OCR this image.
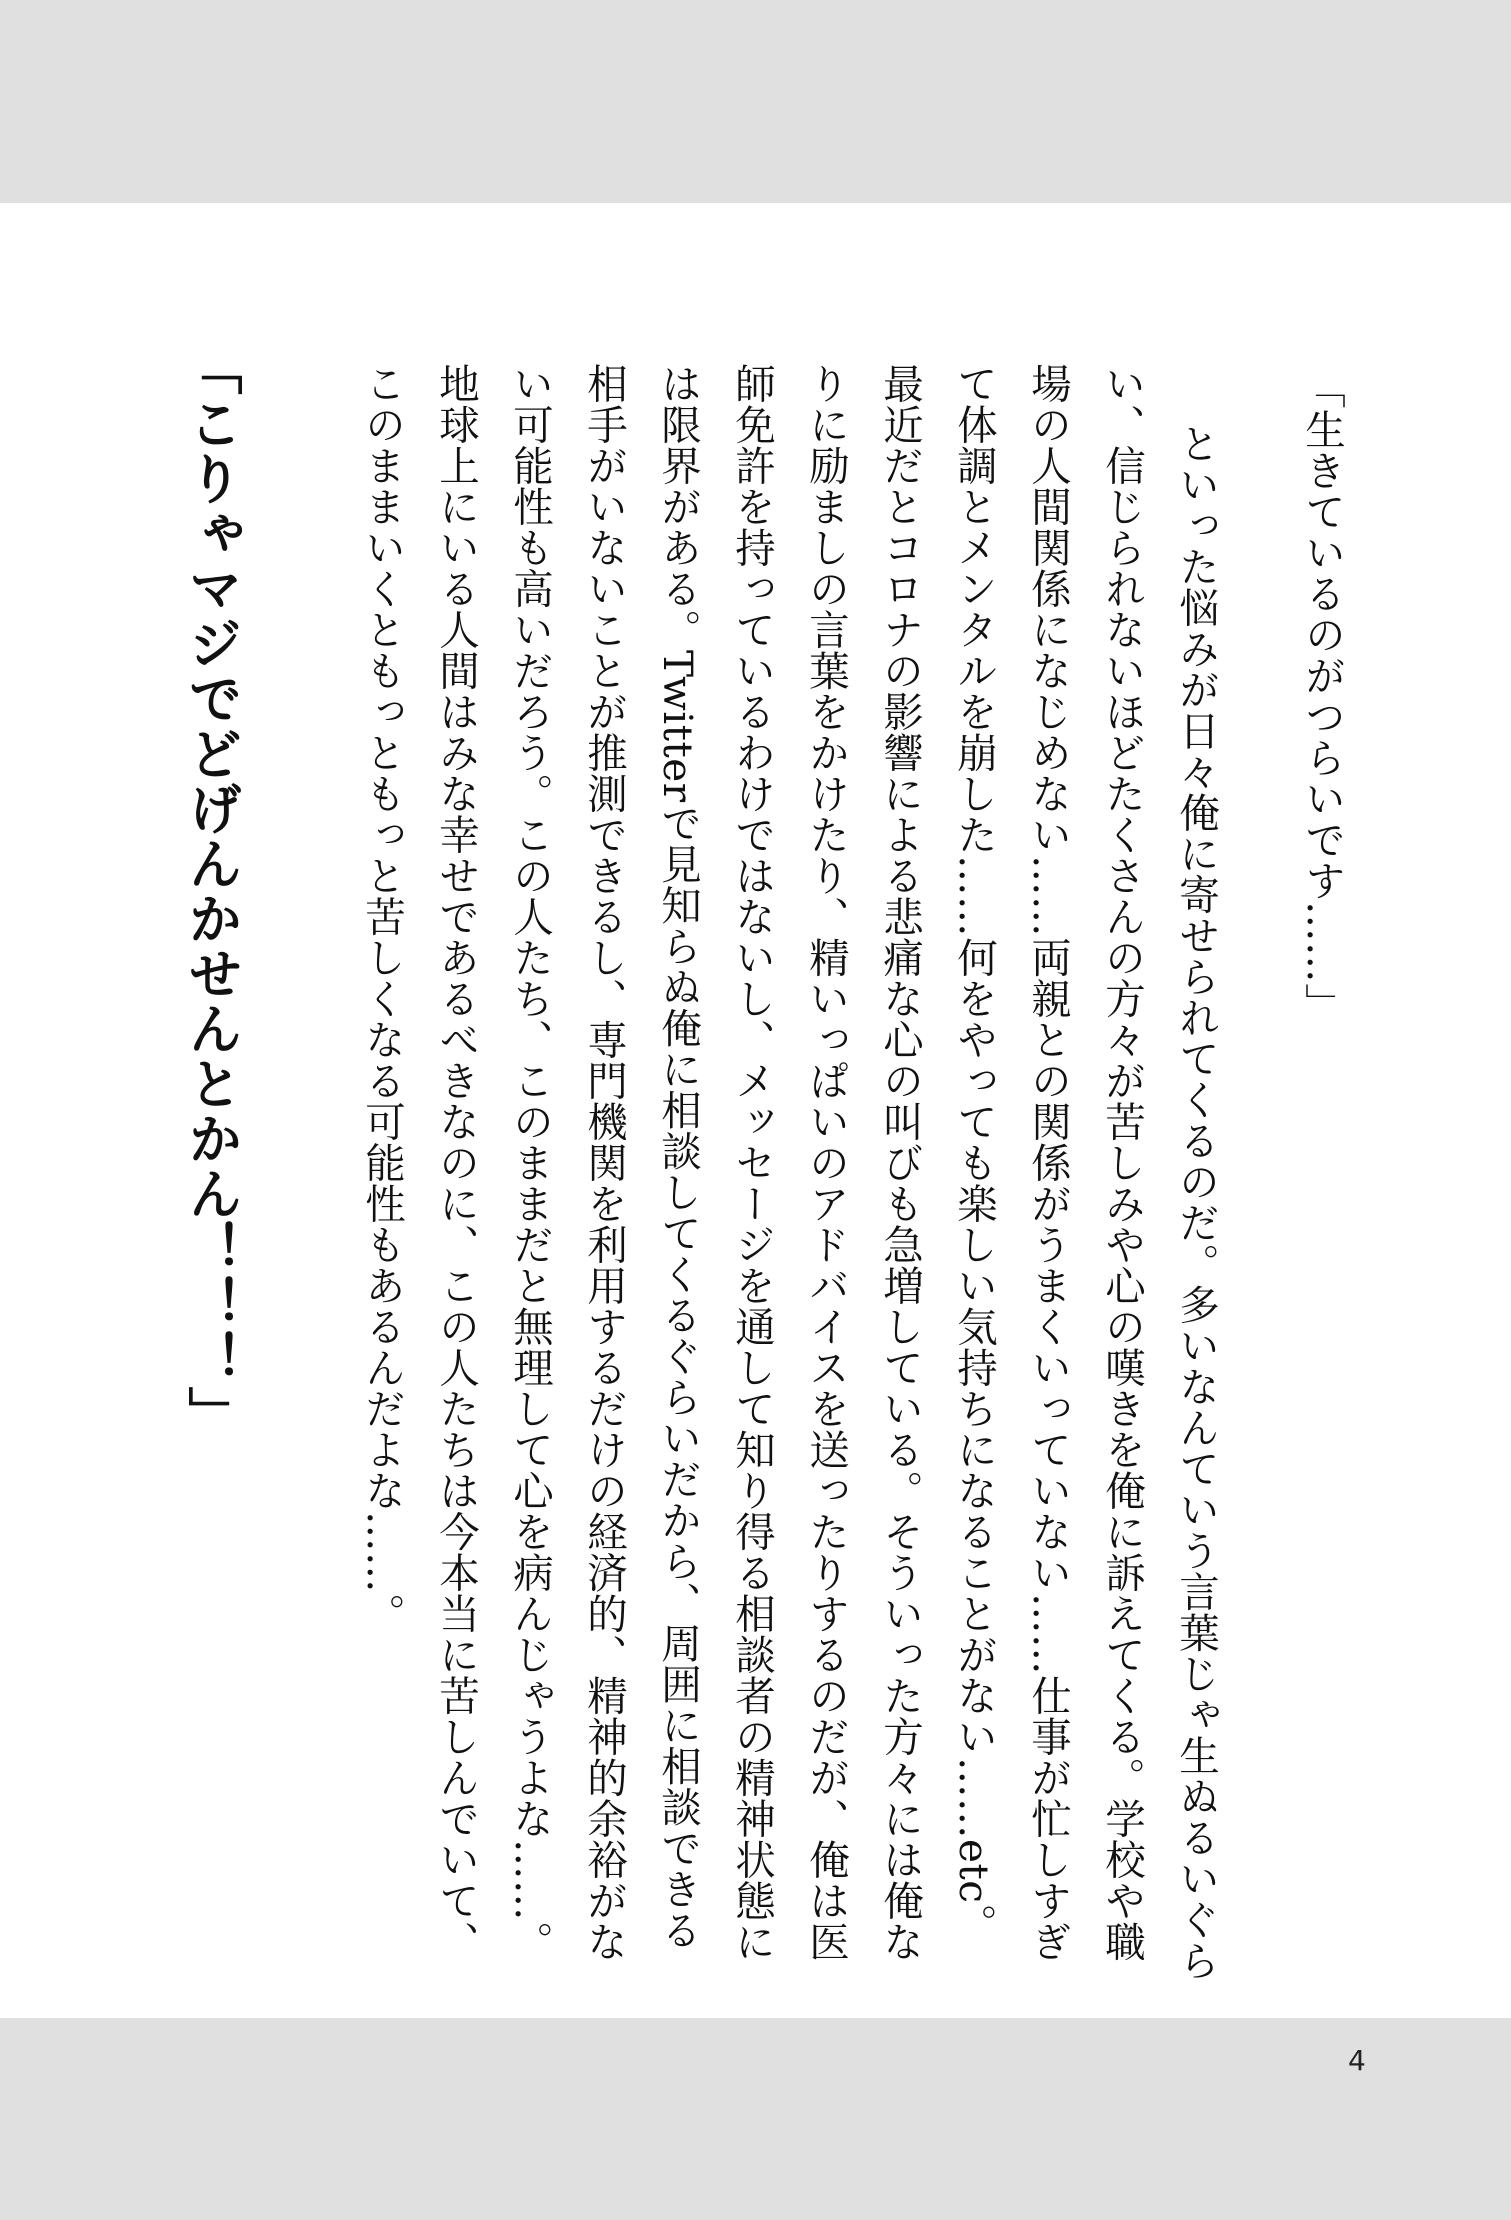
「生きているのがつらいです……」
といった悩みが日々俺に寄せられてくるのだ。多いなんていう言葉じゃ生ぬるいぐら
い、信じられないほどたくさんの方々が苦しみや心の嘆きを俺に訴えてくる。学校や職
場の人間関係になじめない……両親との関係がうまくいっていない……仕事が忙しすぎ
て体調とメンタルを崩した……何をやっても楽しい気持ちになることがない……etc。
最近だとコロナの影響による悲痛な心の叫びも急増している。そういった方々には俺な
りに励ましの言葉をかけたり、精いっぱいのアドバイスを送ったりするのだが、俺は医
師免許を持っているわけではないし、メッセージを通して知り得る相談者の精神状態に
は限界がある。Twitterで見知らぬ俺に相談してくるぐらいだから、周囲に相談できる
相手がいないことが推測できるし、専門機関を利用するだけの経済的、精神的余裕がな
い可能性も高いだろう。この人たち、このままだと無理して心を病んじゃうよな……。
地球上にいる人間はみな幸せであるべきなのに、この人たちは今本当に苦しんでいて、
このままいくともっともっと苦しくなる可能性もあるんだよな……。
「こりゃマジでどげんかせんとかん！！！」
4
